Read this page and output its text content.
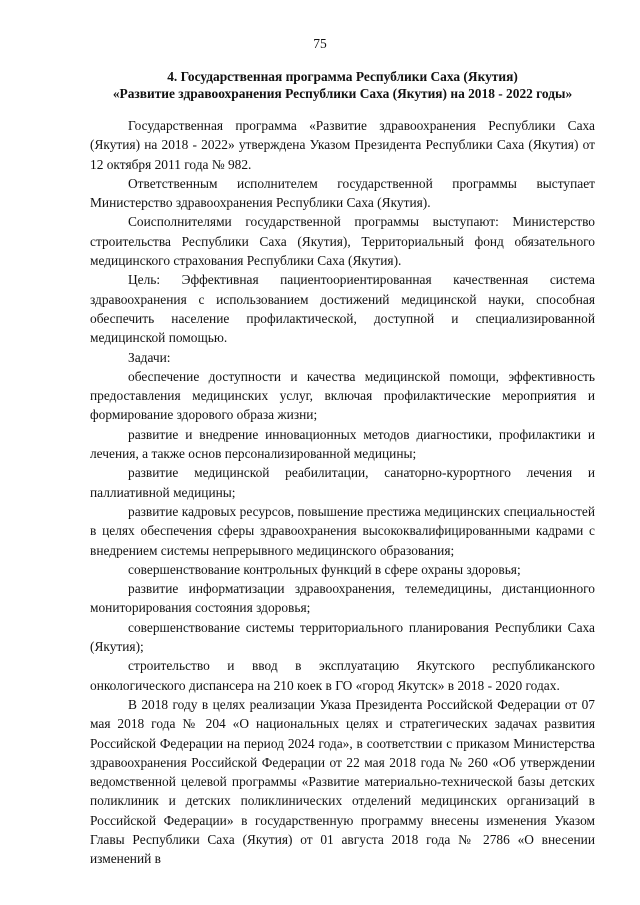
75
4. Государственная программа Республики Саха (Якутия)
«Развитие здравоохранения Республики Саха (Якутия) на 2018 - 2022 годы»

Государственная программа «Развитие здравоохранения Республики Саха (Якутия) на 2018 - 2022» утверждена Указом Президента Республики Саха (Якутия) от 12 октября 2011 года № 982.

Ответственным исполнителем государственной программы выступает Министерство здравоохранения Республики Саха (Якутия).

Соисполнителями государственной программы выступают: Министерство строительства Республики Саха (Якутия), Территориальный фонд обязательного медицинского страхования Республики Саха (Якутия).

Цель: Эффективная пациентоориентированная качественная система здравоохранения с использованием достижений медицинской науки, способная обеспечить население профилактической, доступной и специализированной медицинской помощью.

Задачи:

обеспечение доступности и качества медицинской помощи, эффективность предоставления медицинских услуг, включая профилактические мероприятия и формирование здорового образа жизни;

развитие и внедрение инновационных методов диагностики, профилактики и лечения, а также основ персонализированной медицины;

развитие медицинской реабилитации, санаторно-курортного лечения и паллиативной медицины;

развитие кадровых ресурсов, повышение престижа медицинских специальностей в целях обеспечения сферы здравоохранения высококвалифицированными кадрами с внедрением системы непрерывного медицинского образования;

совершенствование контрольных функций в сфере охраны здоровья;

развитие информатизации здравоохранения, телемедицины, дистанционного мониторирования состояния здоровья;

совершенствование системы территориального планирования Республики Саха (Якутия);

строительство и ввод в эксплуатацию Якутского республиканского онкологического диспансера на 210 коек в ГО «город Якутск» в 2018 - 2020 годах.

В 2018 году в целях реализации Указа Президента Российской Федерации от 07 мая 2018 года № 204 «О национальных целях и стратегических задачах развития Российской Федерации на период 2024 года», в соответствии с приказом Министерства здравоохранения Российской Федерации от 22 мая 2018 года № 260 «Об утверждении ведомственной целевой программы «Развитие материально-технической базы детских поликлиник и детских поликлинических отделений медицинских организаций в Российской Федерации» в государственную программу внесены изменения Указом Главы Республики Саха (Якутия) от 01 августа 2018 года № 2786 «О внесении изменений в
